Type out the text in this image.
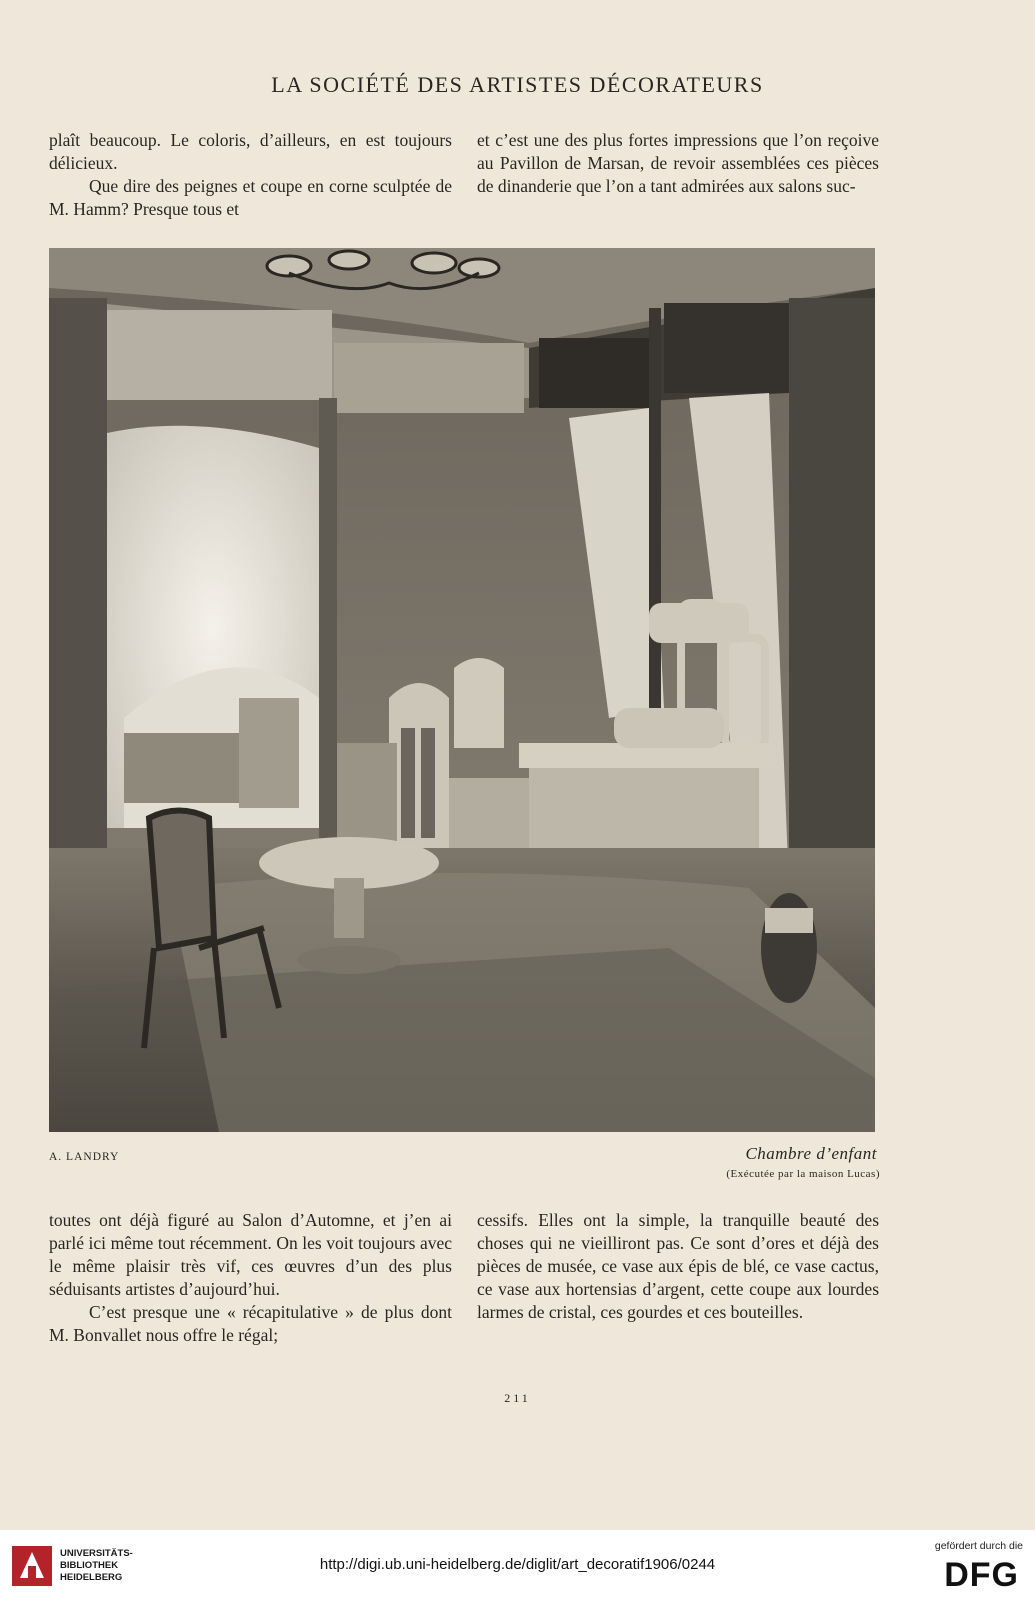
LA SOCIÉTÉ DES ARTISTES DÉCORATEURS

plaît beaucoup. Le coloris, d’ailleurs, en est toujours délicieux.

Que dire des peignes et coupe en corne sculptée de M. Hamm? Presque tous et

et c’est une des plus fortes impressions que l’on reçoive au Pavillon de Marsan, de revoir assemblées ces pièces de dinanderie que l’on a tant admirées aux salons suc-

A. LANDRY	Chambre d’enfant
(Exécutée par la maison Lucas)

toutes ont déjà figuré au Salon d’Automne, et j’en ai parlé ici même tout récemment. On les voit toujours avec le même plaisir très vif, ces œuvres d’un des plus séduisants artistes d’aujourd’hui.

C’est presque une « récapitulative » de plus dont M. Bonvallet nous offre le régal;

cessifs. Elles ont la simple, la tranquille beauté des choses qui ne vieilliront pas. Ce sont d’ores et déjà des pièces de musée, ce vase aux épis de blé, ce vase cactus, ce vase aux hortensias d’argent, cette coupe aux lourdes larmes de cristal, ces gourdes et ces bouteilles.

211
UNIVERSITÄTS-
BIBLIOTHEK
HEIDELBERG
http://digi.ub.uni-heidelberg.de/diglit/art_decoratif1906/0244
gefördert durch die
DFG
